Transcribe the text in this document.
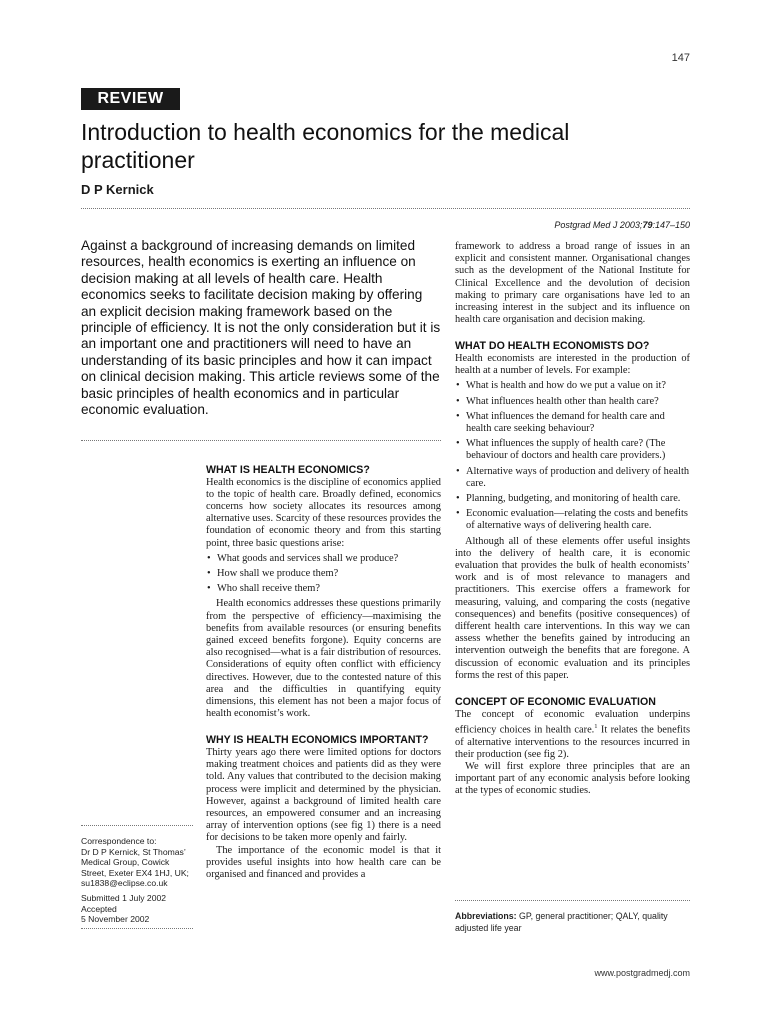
147
REVIEW
Introduction to health economics for the medical practitioner
D P Kernick
Postgrad Med J 2003;79:147–150

Against a background of increasing demands on limited resources, health economics is exerting an influence on decision making at all levels of health care. Health economics seeks to facilitate decision making by offering an explicit decision making framework based on the principle of efficiency. It is not the only consideration but it is an important one and practitioners will need to have an understanding of its basic principles and how it can impact on clinical decision making. This article reviews some of the basic principles of health economics and in particular economic evaluation.

WHAT IS HEALTH ECONOMICS?

Health economics is the discipline of economics applied to the topic of health care. Broadly defined, economics concerns how society allocates its resources among alternative uses. Scarcity of these resources provides the foundation of economic theory and from this starting point, three basic questions arise:

• What goods and services shall we produce?
• How shall we produce them?
• Who shall receive them?

Health economics addresses these questions primarily from the perspective of efficiency—maximising the benefits from available resources (or ensuring benefits gained exceed benefits forgone). Equity concerns are also recognised—what is a fair distribution of resources. Considerations of equity often conflict with efficiency directives. However, due to the contested nature of this area and the difficulties in quantifying equity dimensions, this element has not been a major focus of health economist’s work.

WHY IS HEALTH ECONOMICS IMPORTANT?

Thirty years ago there were limited options for doctors making treatment choices and patients did as they were told. Any values that contributed to the decision making process were implicit and determined by the physician. However, against a background of limited health care resources, an empowered consumer and an increasing array of intervention options (see fig 1) there is a need for decisions to be taken more openly and fairly.

The importance of the economic model is that it provides useful insights into how health care can be organised and financed and provides a

framework to address a broad range of issues in an explicit and consistent manner. Organisational changes such as the development of the National Institute for Clinical Excellence and the devolution of decision making to primary care organisations have led to an increasing interest in the subject and its influence on health care organisation and decision making.

WHAT DO HEALTH ECONOMISTS DO?

Health economists are interested in the production of health at a number of levels. For example:

• What is health and how do we put a value on it?
• What influences health other than health care?
• What influences the demand for health care and health care seeking behaviour?
• What influences the supply of health care? (The behaviour of doctors and health care providers.)
• Alternative ways of production and delivery of health care.
• Planning, budgeting, and monitoring of health care.
• Economic evaluation—relating the costs and benefits of alternative ways of delivering health care.

Although all of these elements offer useful insights into the delivery of health care, it is economic evaluation that provides the bulk of health economists’ work and is of most relevance to managers and practitioners. This exercise offers a framework for measuring, valuing, and comparing the costs (negative consequences) and benefits (positive consequences) of different health care interventions. In this way we can assess whether the benefits gained by introducing an intervention outweigh the benefits that are foregone. A discussion of economic evaluation and its principles forms the rest of this paper.

CONCEPT OF ECONOMIC EVALUATION

The concept of economic evaluation underpins efficiency choices in health care.$^1$ It relates the benefits of alternative interventions to the resources incurred in their production (see fig 2).

We will first explore three principles that are an important part of any economic analysis before looking at the types of economic studies.

Correspondence to:
Dr D P Kernick, St Thomas’
Medical Group, Cowick
Street, Exeter EX4 1HJ, UK;
su1838@eclipse.co.uk
Submitted 1 July 2002
Accepted
5 November 2002	Abbreviations: GP, general practitioner; QALY, quality adjusted life year
www.postgradmedj.com
